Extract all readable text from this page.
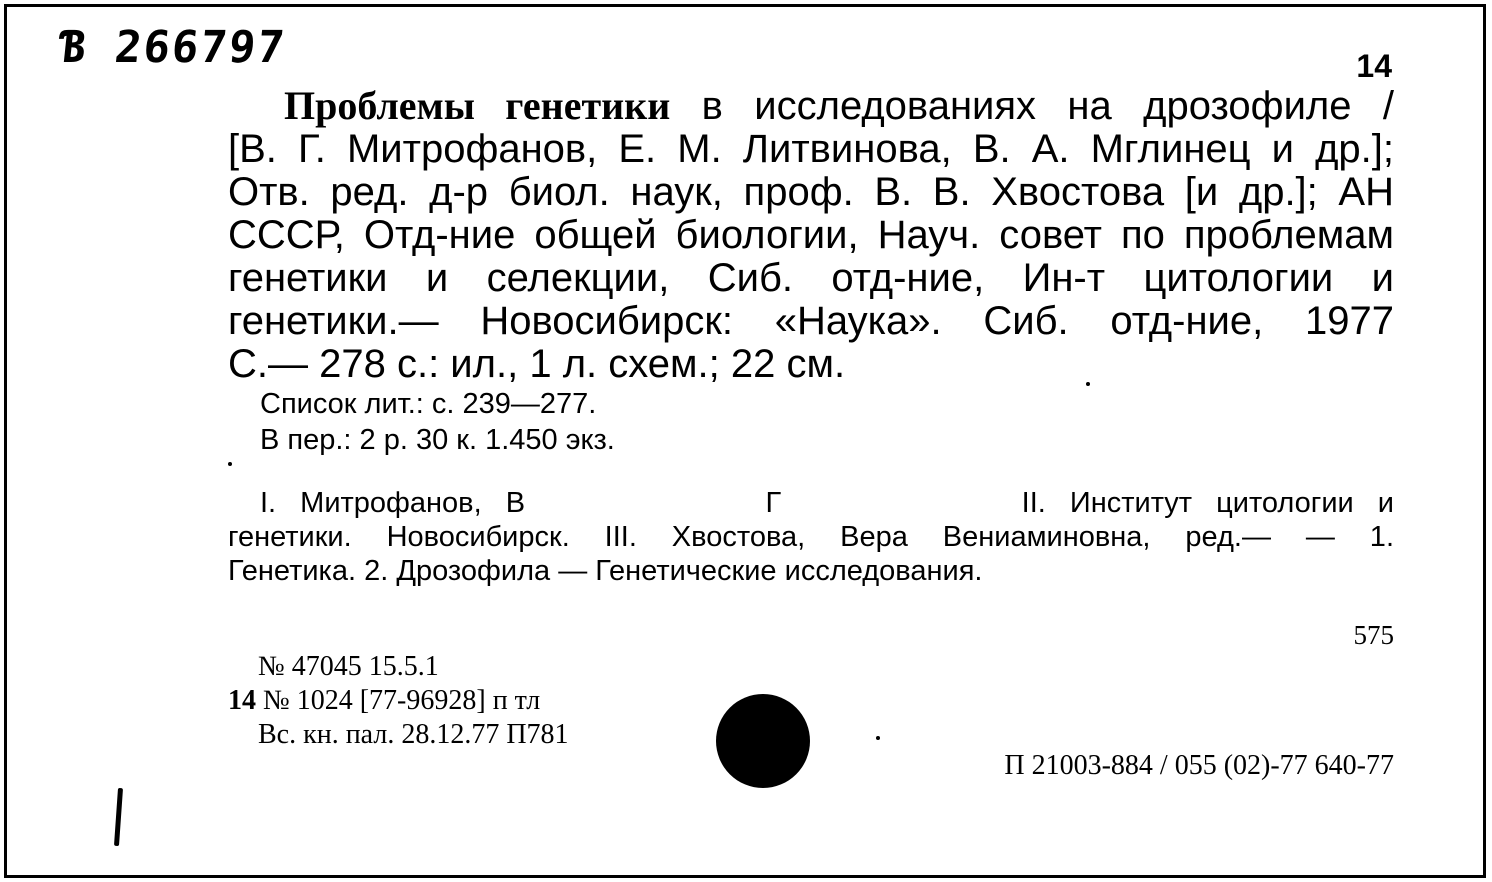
Ɓ 266797	14
Проблемы генетики в исследованиях на дрозофиле /
[В. Г. Митрофанов, Е. М. Литвинова, В. А. Мглинец и др.];
Отв. ред. д-р биол. наук, проф. В. В. Хвостова [и др.]; АН
СССР, Отд-ние общей биологии, Науч. совет по проблемам
генетики и селекции, Сиб. отд-ние, Ин-т цитологии и
генетики.— Новосибирск: «Наука». Сиб. отд-ние, 1977
С.— 278 с.: ил., 1 л. схем.; 22 см.
Список лит.: с. 239—277.
В пер.: 2 р. 30 к. 1.450 экз.
I. Митрофанов, В          Г          II. Институт цитологии и
генетики. Новосибирск. III. Хвостова, Вера Вениаминовна, ред.— — 1.
Генетика. 2. Дрозофила — Генетические исследования.
575
№ 47045 15.5.1
14 № 1024 [77-96928] п тл
Вс. кн. пал. 28.12.77 П781
П 21003-884 / 055 (02)-77 640-77
